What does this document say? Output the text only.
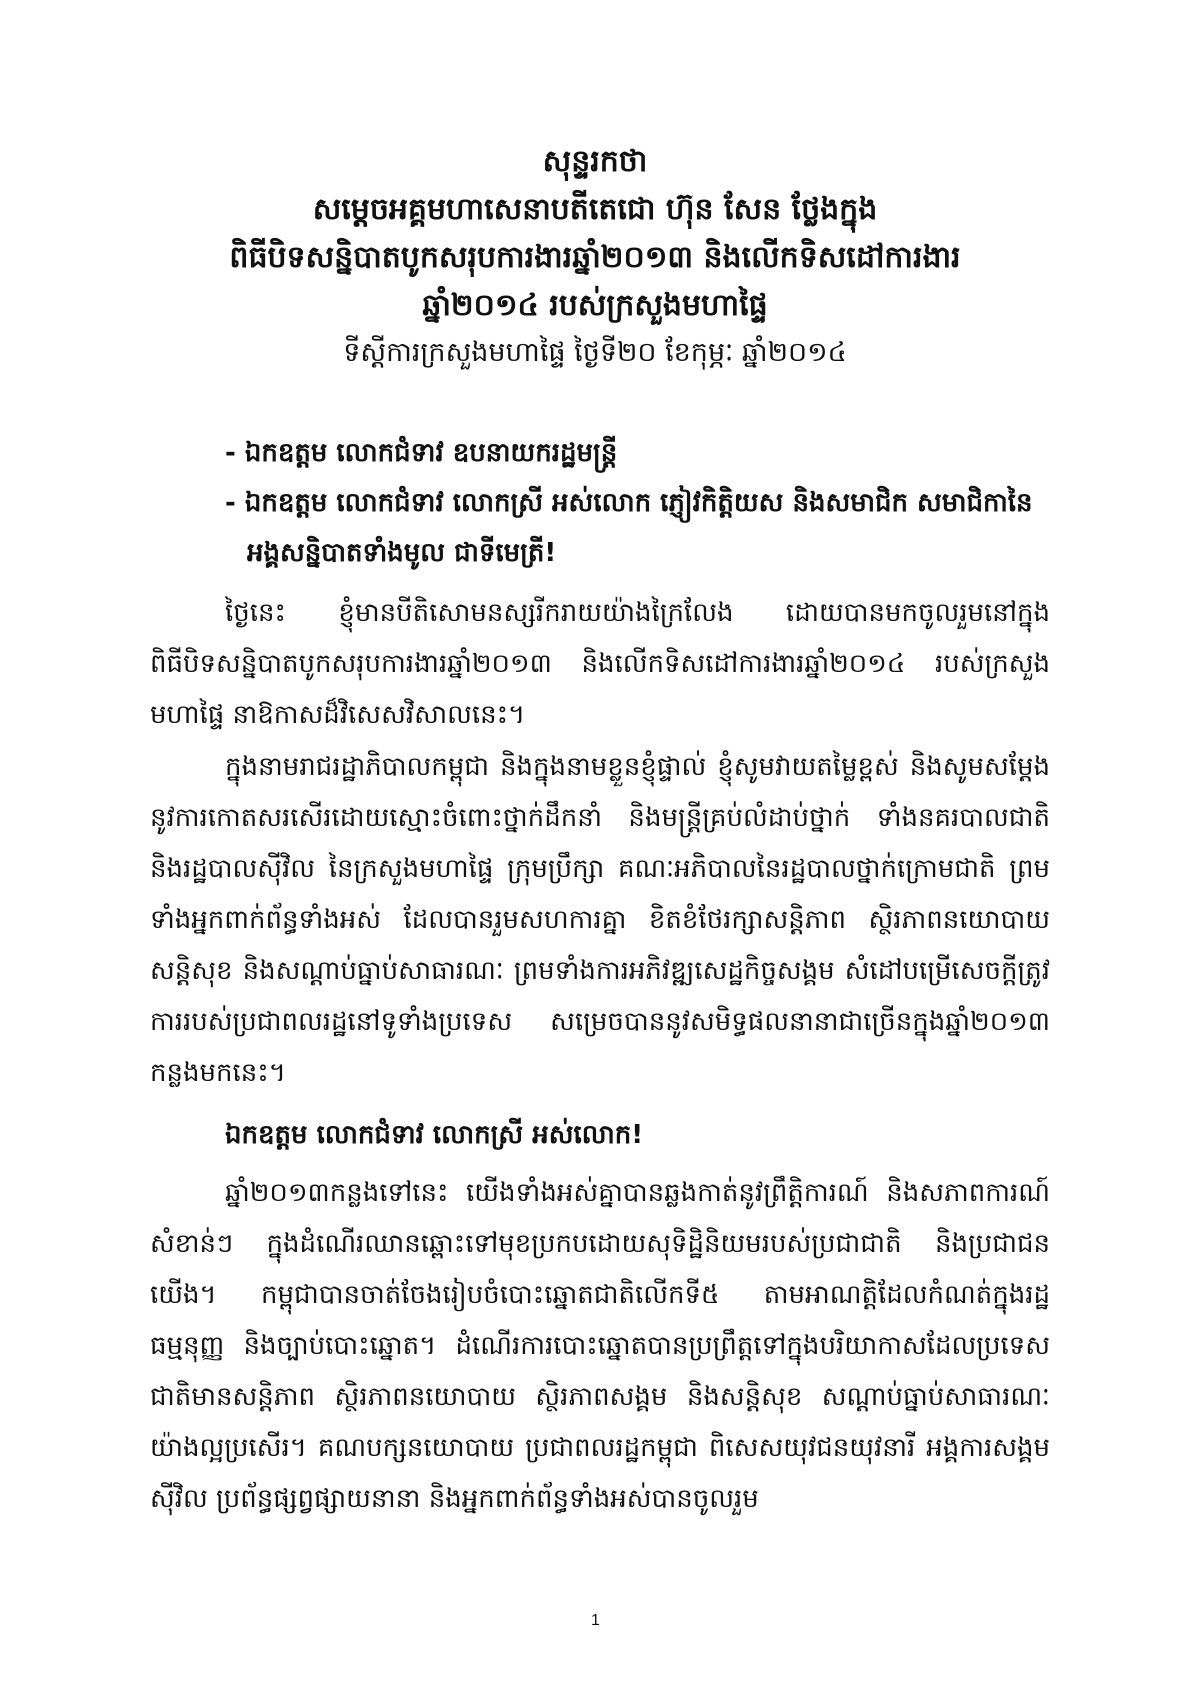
សុន្ទរកថា
សម្តេចអគ្គមហាសេនាបតីតេជោ ហ៊ុន សែន ថ្លែងក្នុង
ពិធីបិទសន្និបាតបូកសរុបការងារឆ្នាំ២០១៣ និងលើកទិសដៅការងារ
ឆ្នាំ២០១៤ របស់ក្រសួងមហាផ្ទៃ
ទីស្តីការក្រសួងមហាផ្ទៃ ថ្ងៃទី២០ ខែកុម្ភៈ ឆ្នាំ២០១៤
- ឯកឧត្តម លោកជំទាវ ឧបនាយករដ្ឋមន្ត្រី
- ឯកឧត្តម លោកជំទាវ លោកស្រី អស់លោក ភ្ញៀវកិត្តិយស និងសមាជិក សមាជិកានៃ
អង្គសន្និបាតទាំងមូល ជាទីមេត្រី!

ថ្ងៃនេះ ខ្ញុំមានបីតិសោមនស្សរីករាយយ៉ាងក្រៃលែង ដោយបានមកចូលរួមនៅក្នុងពិធីបិទសន្និបាតបូកសរុបការងារឆ្នាំ២០១៣ និងលើកទិសដៅការងារឆ្នាំ២០១៤ របស់ក្រសួងមហាផ្ទៃ នាឱកាសដ៏វិសេសវិសាលនេះ។

ក្នុងនាមរាជរដ្ឋាភិបាលកម្ពុជា និងក្នុងនាមខ្លួនខ្ញុំផ្ទាល់ ខ្ញុំសូមវាយតម្លៃខ្ពស់ និងសូមសម្តែងនូវការកោតសរសើរដោយស្មោះចំពោះថ្នាក់ដឹកនាំ និងមន្ត្រីគ្រប់លំដាប់ថ្នាក់ ទាំងនគរបាលជាតិ និងរដ្ឋបាលស៊ីវិល នៃក្រសួងមហាផ្ទៃ ក្រុមប្រឹក្សា គណៈអភិបាលនៃរដ្ឋបាលថ្នាក់ក្រោមជាតិ ព្រមទាំងអ្នកពាក់ព័ន្ធទាំងអស់ ដែលបានរួមសហការគ្នា ខិតខំថែរក្សាសន្តិភាព ស្ថិរភាពនយោបាយ សន្តិសុខ និងសណ្តាប់ធ្នាប់សាធារណៈ ព្រមទាំងការអភិវឌ្ឍសេដ្ឋកិច្ចសង្គម សំដៅបម្រើសេចក្តីត្រូវការរបស់ប្រជាពលរដ្ឋនៅទូទាំងប្រទេស សម្រេចបាននូវសមិទ្ធផលនានាជាច្រើនក្នុងឆ្នាំ២០១៣ កន្លងមកនេះ។

ឯកឧត្តម លោកជំទាវ លោកស្រី អស់លោក!

ឆ្នាំ២០១៣កន្លងទៅនេះ យើងទាំងអស់គ្នាបានឆ្លងកាត់នូវព្រឹត្តិការណ៍ និងសភាពការណ៍សំខាន់ៗ ក្នុងដំណើរឈានឆ្ពោះទៅមុខប្រកបដោយសុទិដ្ឋិនិយមរបស់ប្រជាជាតិ និងប្រជាជនយើង។ កម្ពុជាបានចាត់ចែងរៀបចំបោះឆ្នោតជាតិលើកទី៥ តាមអាណត្តិដែលកំណត់ក្នុងរដ្ឋធម្មនុញ្ញ និងច្បាប់បោះឆ្នោត។ ដំណើរការបោះឆ្នោតបានប្រព្រឹត្តទៅក្នុងបរិយាកាសដែលប្រទេសជាតិមានសន្តិភាព ស្ថិរភាពនយោបាយ ស្ថិរភាពសង្គម និងសន្តិសុខ សណ្តាប់ធ្នាប់សាធារណៈយ៉ាងល្អប្រសើរ។ គណបក្សនយោបាយ ប្រជាពលរដ្ឋកម្ពុជា ពិសេសយុវជនយុវនារី អង្គការសង្គមស៊ីវិល ប្រព័ន្ធផ្សព្វផ្សាយនានា និងអ្នកពាក់ព័ន្ធទាំងអស់បានចូលរួម

1
